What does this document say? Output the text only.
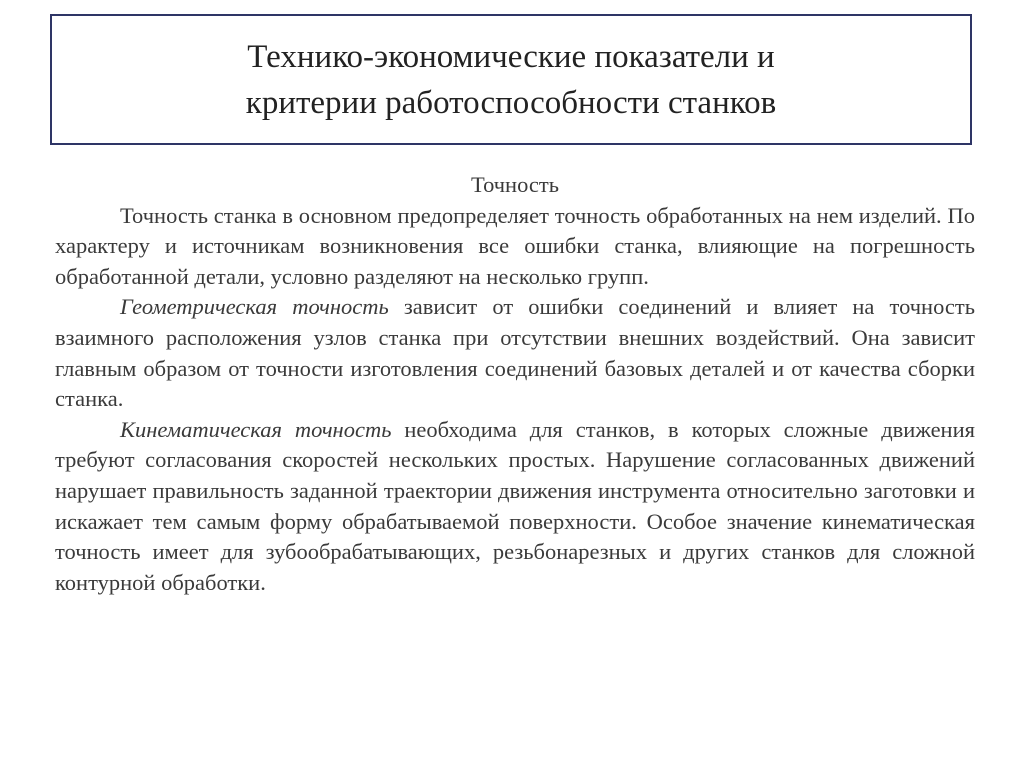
Технико-экономические показатели и
критерии работоспособности станков

Точность

Точность станка в основном предопределяет точность обработанных на нем изделий. По характеру и источникам возникновения все ошибки станка, влияющие на погрешность обработанной детали, условно разделяют на несколько групп.

Геометрическая точность зависит от ошибки соединений и влияет на точность взаимного расположения узлов станка при отсутствии внешних воздействий. Она зависит главным образом от точности изготовления соединений базовых деталей и от качества сборки станка.

Кинематическая точность необходима для станков, в которых сложные движения требуют согласования скоростей нескольких простых. Нарушение согласованных движений нарушает правильность заданной траектории движения инструмента относительно заготовки и искажает тем самым форму обрабатываемой поверхности. Особое значение кинематическая точность имеет для зубообрабатывающих, резьбонарезных и других станков для сложной контурной обработки.
